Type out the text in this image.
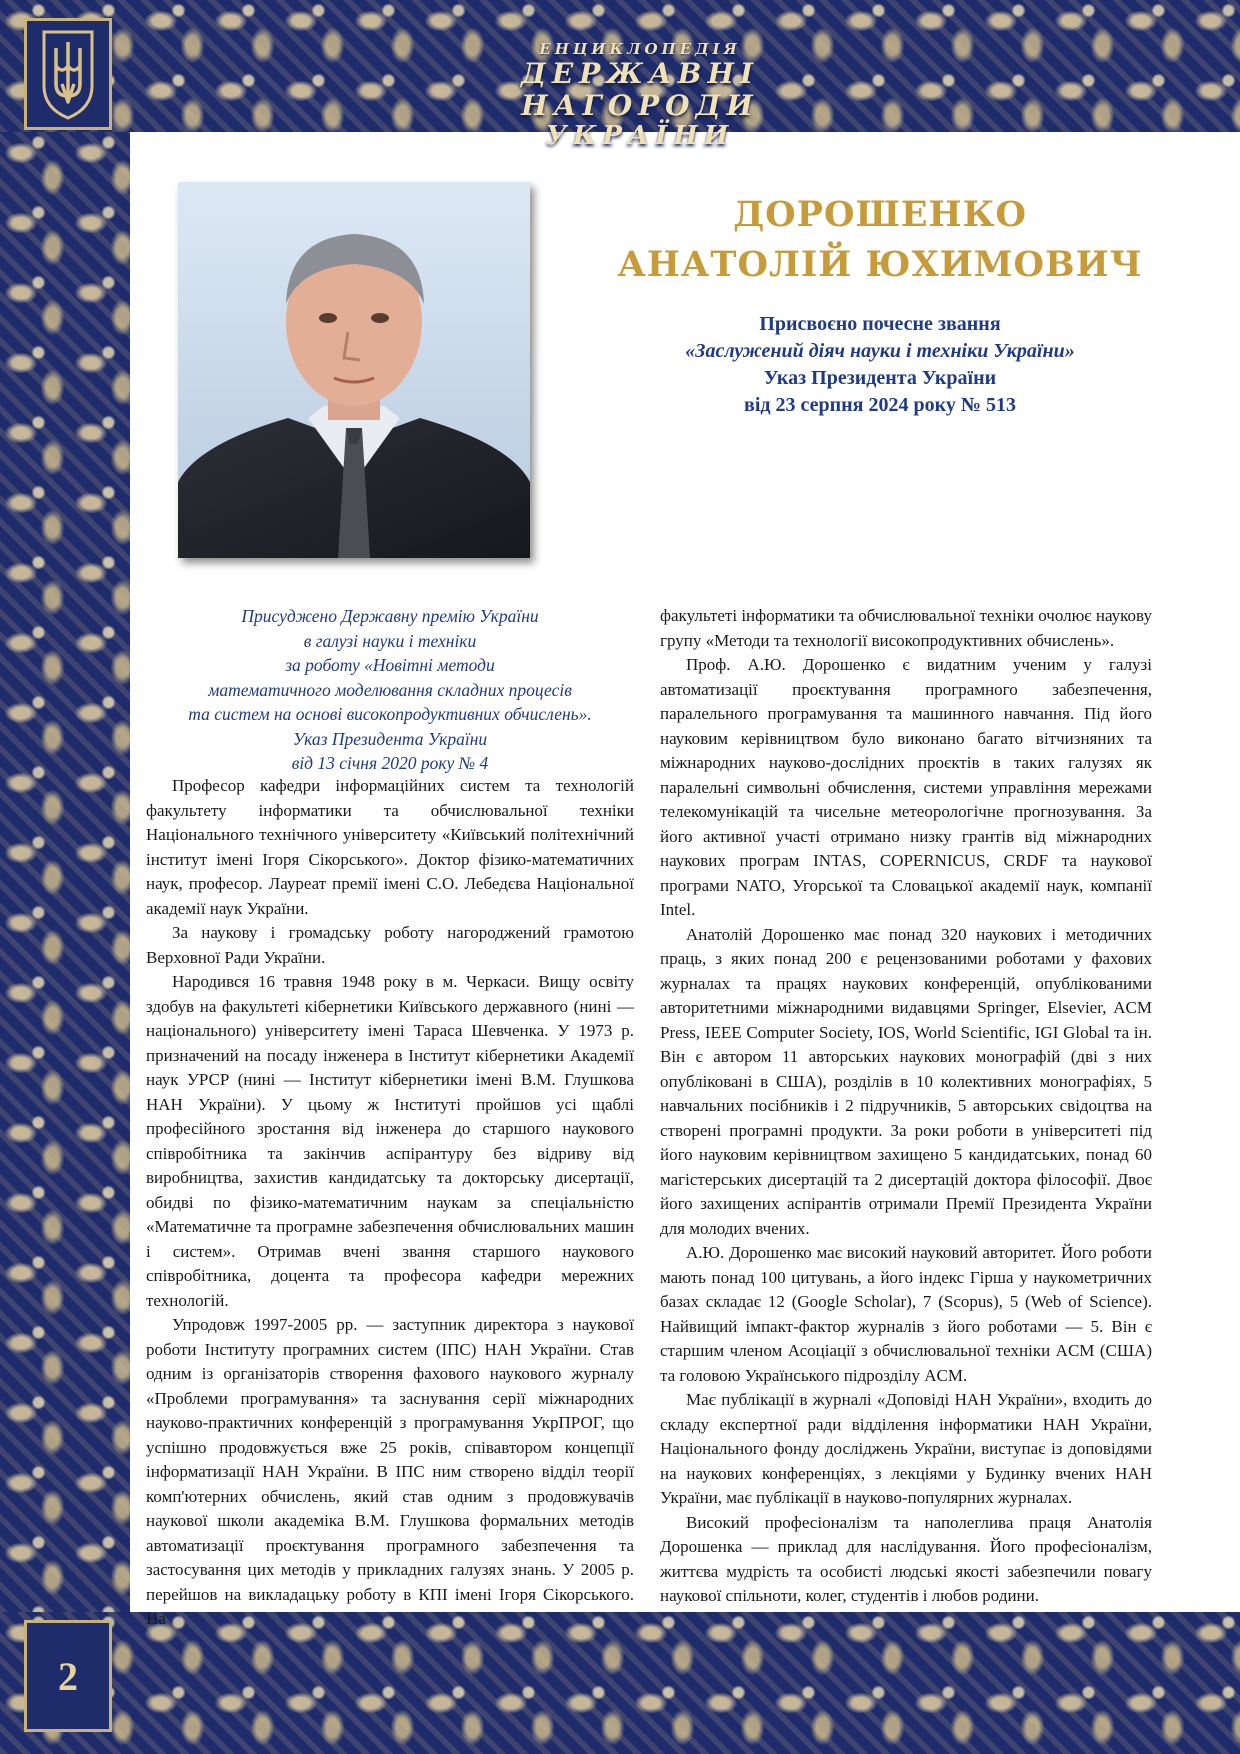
2
ЕНЦИКЛОПЕДІЯ
ДЕРЖАВНІ НАГОРОДИ
УКРАЇНИ
ДОРОШЕНКО
АНАТОЛІЙ ЮХИМОВИЧ
Присвоєно почесне звання
«Заслужений діяч науки і техніки України»
Указ Президента України
від 23 серпня 2024 року № 513
Присуджено Державну премію України
в галузі науки і техніки
за роботу «Новітні методи
математичного моделювання складних процесів
та систем на основі високопродуктивних обчислень».
Указ Президента України
від 13 січня 2020 року № 4

Професор кафедри інформаційних систем та технологій факультету інформатики та обчислювальної техніки Національного технічного університету «Київський політехнічний інститут імені Ігоря Сікорського». Доктор фізико-математичних наук, професор. Лауреат премії імені С.О. Лебедєва Національної академії наук України.

За наукову і громадську роботу нагороджений грамотою Верховної Ради України.

Народився 16 травня 1948 року в м. Черкаси. Вищу освіту здобув на факультеті кібернетики Київського державного (нині — національного) університету імені Тараса Шевченка. У 1973 р. призначений на посаду інженера в Інститут кібернетики Академії наук УРСР (нині — Інститут кібернетики імені В.М. Глушкова НАН України). У цьому ж Інституті пройшов усі щаблі професійного зростання від інженера до старшого наукового співробітника та закінчив аспірантуру без відриву від виробництва, захистив кандидатську та докторську дисертації, обидві по фізико-математичним наукам за спеціальністю «Математичне та програмне забезпечення обчислювальних машин і систем». Отримав вчені звання старшого наукового співробітника, доцента та професора кафедри мережних технологій.

Упродовж 1997-2005 рр. — заступник директора з наукової роботи Інституту програмних систем (ІПС) НАН України. Став одним із організаторів створення фахового наукового журналу «Проблеми програмування» та заснування серії міжнародних науково-практичних конференцій з програмування УкрПРОГ, що успішно продовжується вже 25 років, співавтором концепції інформатизації НАН України. В ІПС ним створено відділ теорії комп'ютерних обчислень, який став одним з продовжувачів наукової школи академіка В.М. Глушкова формальних методів автоматизації проєктування програмного забезпечення та застосування цих методів у прикладних галузях знань. У 2005 р. перейшов на викладацьку роботу в КПІ імені Ігоря Сікорського. На

факультеті інформатики та обчислювальної техніки очолює наукову групу «Методи та технології високопродуктивних обчислень».

Проф. А.Ю. Дорошенко є видатним ученим у галузі автоматизації проєктування програмного забезпечення, паралельного програмування та машинного навчання. Під його науковим керівництвом було виконано багато вітчизняних та міжнародних науково-дослідних проєктів в таких галузях як паралельні символьні обчислення, системи управління мережами телекомунікацій та чисельне метеорологічне прогнозування. За його активної участі отримано низку грантів від міжнародних наукових програм INTAS, COPERNICUS, CRDF та наукової програми NATO, Угорської та Словацької академії наук, компанії Intel.

Анатолій Дорошенко має понад 320 наукових і методичних праць, з яких понад 200 є рецензованими роботами у фахових журналах та працях наукових конференцій, опублікованими авторитетними міжнародними видавцями Springer, Elsevier, ACM Press, IEEE Computer Society, IOS, World Scientific, IGI Global та ін. Він є автором 11 авторських наукових монографій (дві з них опубліковані в США), розділів в 10 колективних монографіях, 5 навчальних посібників і 2 підручників, 5 авторських свідоцтва на створені програмні продукти. За роки роботи в університеті під його науковим керівництвом захищено 5 кандидатських, понад 60 магістерських дисертацій та 2 дисертацій доктора філософії. Двоє його захищених аспірантів отримали Премії Президента України для молодих вчених.

А.Ю. Дорошенко має високий науковий авторитет. Його роботи мають понад 100 цитувань, а його індекс Гірша у наукометричних базах складає 12 (Google Scholar), 7 (Scopus), 5 (Web of Science). Найвищий імпакт-фактор журналів з його роботами — 5. Він є старшим членом Асоціації з обчислювальної техніки ACM (США) та головою Українського підрозділу ACM.

Має публікації в журналі «Доповіді НАН України», входить до складу експертної ради відділення інформатики НАН України, Національного фонду досліджень України, виступає із доповідями на наукових конференціях, з лекціями у Будинку вчених НАН України, має публікації в науково-популярних журналах.

Високий професіоналізм та наполеглива праця Анатолія Дорошенка — приклад для наслідування. Його професіоналізм, життєва мудрість та особисті людські якості забезпечили повагу наукової спільноти, колег, студентів і любов родини.
